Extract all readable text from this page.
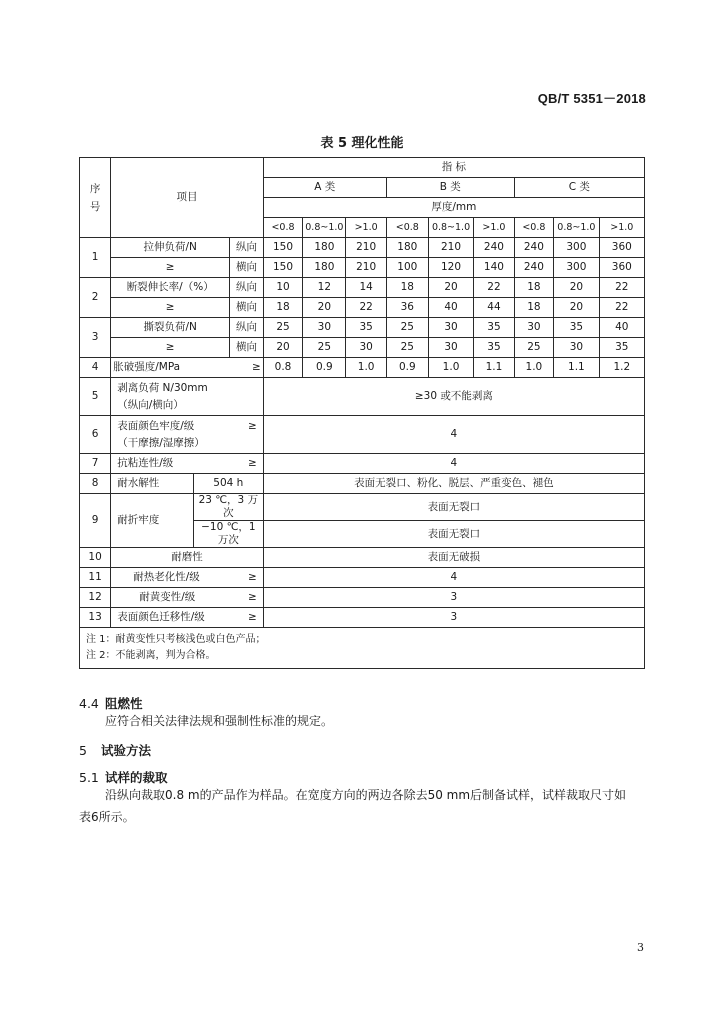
QB/T 5351－2018
表 5 理化性能
序
号	项目			指 标								
				A 类			B 类			C 类		
				厚度/mm								
				<0.8	0.8~1.0	>1.0	<0.8	0.8~1.0	>1.0	<0.8	0.8~1.0	>1.0
1	拉伸负荷/N		纵向	150	180	210	180	210	240	240	300	360
	≥		横向	150	180	210	100	120	140	240	300	360
2	断裂伸长率/（%）		纵向	10	12	14	18	20	22	18	20	22
	≥		横向	18	20	22	36	40	44	18	20	22
3	撕裂负荷/N		纵向	25	30	35	25	30	35	30	35	40
	≥		横向	20	25	30	25	30	35	25	30	35
4	胀破强度/MPa ≥			0.8	0.9	1.0	0.9	1.0	1.1	1.0	1.1	1.2
5	剥离负荷 N/30mm
（纵向/横向）			≥30 或不能剥离								
6	表面颜色牢度/级 ≥
（干摩擦/湿摩擦）			4								
7	抗粘连性/级 ≥			4								
8	耐水解性	504 h		表面无裂口、粉化、脱层、严重变色、褪色								
9	耐折牢度	23 ℃，3 万次		表面无裂口								
		−10 ℃，1 万次		表面无裂口								
10	耐磨性			表面无破损								
11	耐热老化性/级 ≥			4								
12	耐黄变性/级 ≥			3								
13	表面颜色迁移性/级 ≥			3								

注 1：耐黄变性只考核浅色或白色产品；
注 2：不能剥离，判为合格。												
4.4 阻燃性
应符合相关法律法规和强制性标准的规定。
5 试验方法
5.1 试样的裁取
沿纵向裁取0.8 m的产品作为样品。在宽度方向的两边各除去50 mm后制备试样，试样裁取尺寸如
表6所示。
3
